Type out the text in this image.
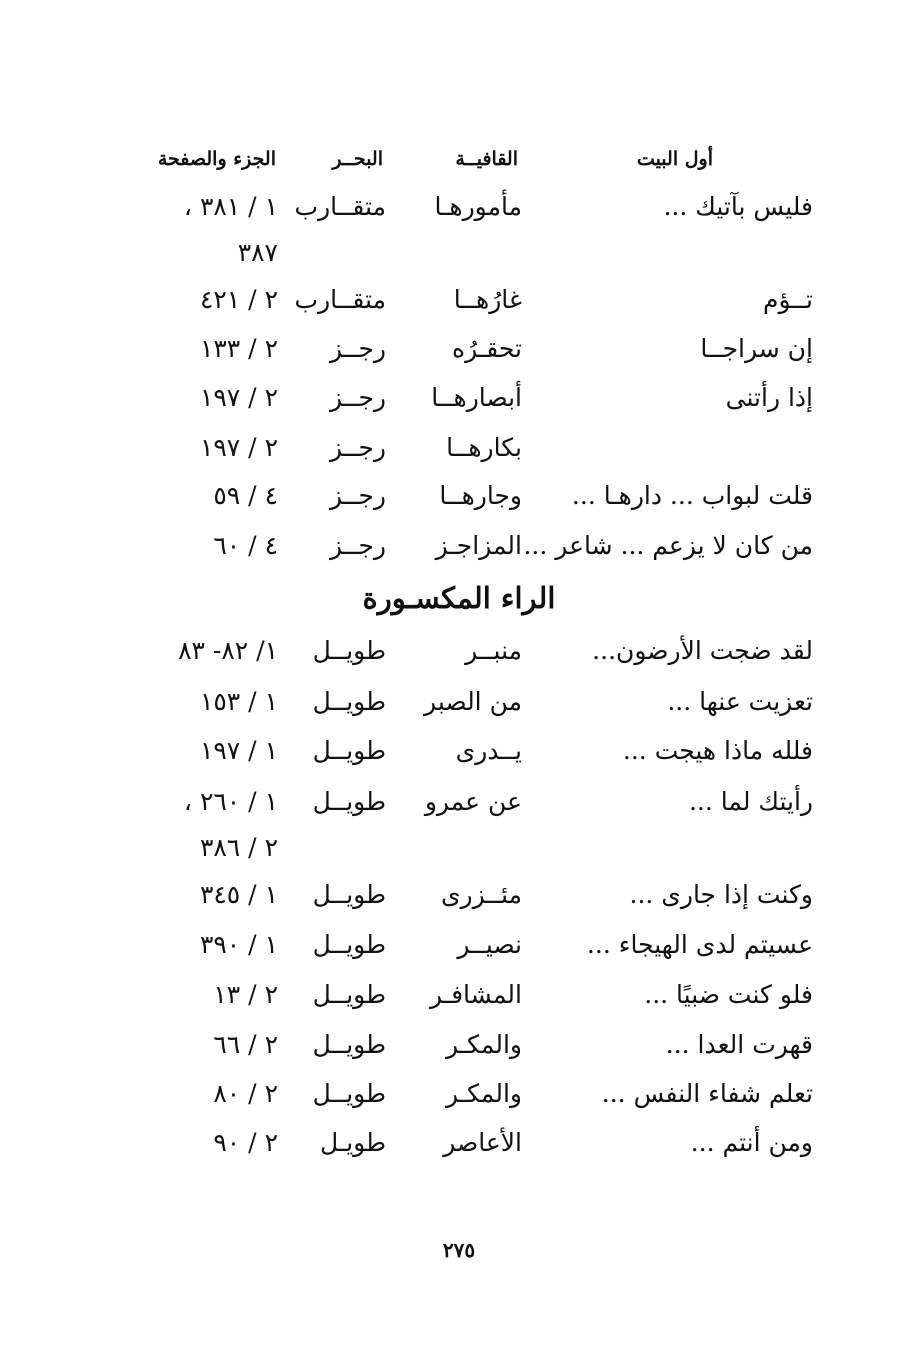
أول البيت
القافيــة
البحــر
الجزء والصفحة
فليس بآتيك ...
مأمورهـا
متقــارب
١ / ٣٨١ ،
٣٨٧
تــؤم
غارُهــا
متقــارب
٢ / ٤٢١
إن سراجــا
تحقـرُه
رجــز
٢ / ١٣٣
إذا رأتنى
أبصارهــا
رجــز
٢ / ١٩٧
بكارهــا
رجــز
٢ / ١٩٧
قلت لبواب ... دارهـا ...
وجارهــا
رجــز
٤ / ٥٩
من كان لا يزعم ... شاعر ...
المزاجـز
رجــز
٤ / ٦٠
الراء المكسـورة
لقد ضجت الأرضون...
منبــر
طويــل
١/ ٨٢- ٨٣
تعزيت عنها ...
من الصبر
طويــل
١ / ١٥٣
فلله ماذا هيجت ...
يــدرى
طويــل
١ / ١٩٧
رأيتك لما ...
عن عمرو
طويــل
١ / ٢٦٠ ،
٢ / ٣٨٦
وكنت إذا جارى ...
مئــزرى
طويــل
١ / ٣٤٥
عسيتم لدى الهيجاء ...
نصيــر
طويــل
١ / ٣٩٠
فلو كنت ضبيًا ...
المشافـر
طويــل
٢ / ١٣
قهرت العدا ...
والمكـر
طويــل
٢ / ٦٦
تعلم شفاء النفس ...
والمكـر
طويــل
٢ / ٨٠
ومن أنتم ...
الأعاصر
طويـل
٢ / ٩٠
٢٧٥
